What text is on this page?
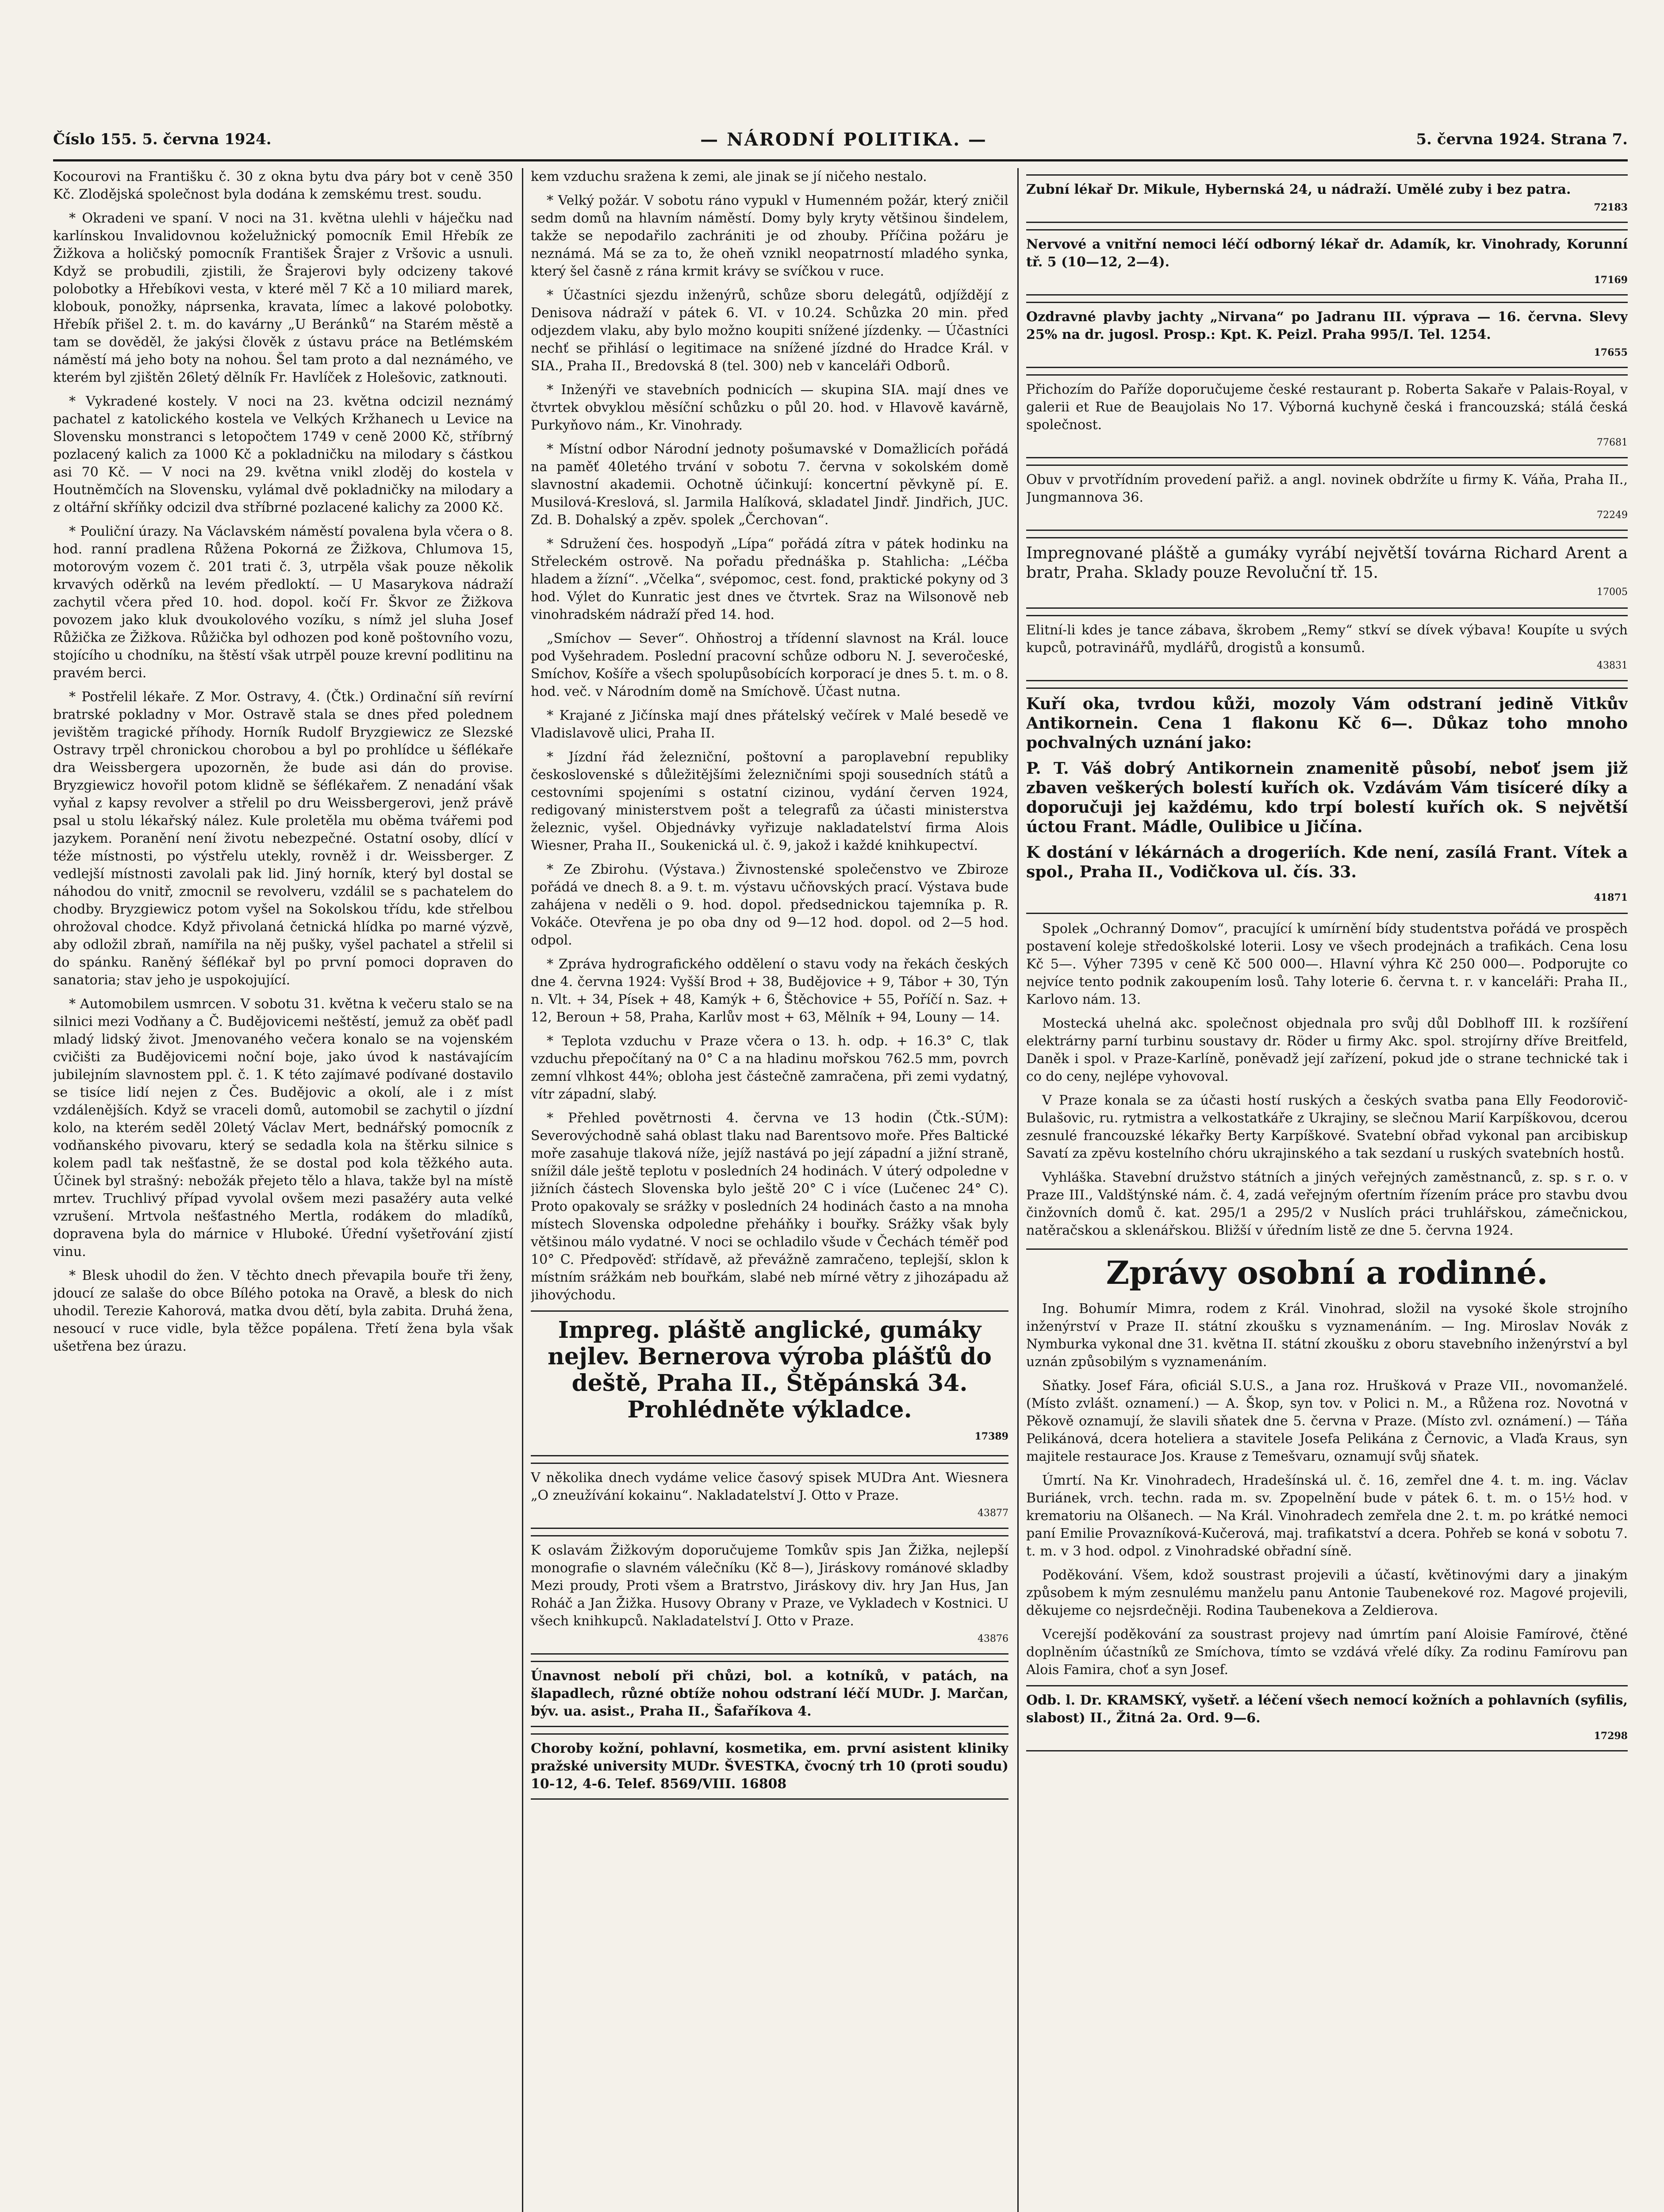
Číslo 155. 5. června 1924.	— NÁRODNÍ POLITIKA. —	5. června 1924. Strana 7.

Kocourovi na Františku č. 30 z okna bytu dva páry bot v ceně 350 Kč. Zlodějská společnost byla dodána k zemskému trest. soudu.

* Okradeni ve spaní. V noci na 31. května ulehli v háječku nad karlínskou Invalidovnou koželužnický pomocník Emil Hřebík ze Žižkova a holičský pomocník František Šrajer z Vršovic a usnuli. Když se probudili, zjistili, že Šrajerovi byly odcizeny takové polobotky a Hřebíkovi vesta, v které měl 7 Kč a 10 miliard marek, klobouk, ponožky, náprsenka, kravata, límec a lakové polobotky. Hřebík přišel 2. t. m. do kavárny „U Beránků“ na Starém městě a tam se dověděl, že jakýsi člověk z ústavu práce na Betlémském náměstí má jeho boty na nohou. Šel tam proto a dal neznámého, ve kterém byl zjištěn 26letý dělník Fr. Havlíček z Holešovic, zatknouti.

* Vykradené kostely. V noci na 23. května odcizil neznámý pachatel z katolického kostela ve Velkých Kržhanech u Levice na Slovensku monstranci s letopočtem 1749 v ceně 2000 Kč, stříbrný pozlacený kalich za 1000 Kč a pokladničku na milodary s částkou asi 70 Kč. — V noci na 29. května vnikl zloděj do kostela v Houtněmčích na Slovensku, vylámal dvě pokladničky na milodary a z oltářní skříňky odcizil dva stříbrné pozlacené kalichy za 2000 Kč.

* Pouliční úrazy. Na Václavském náměstí povalena byla včera o 8. hod. ranní pradlena Růžena Pokorná ze Žižkova, Chlumova 15, motorovým vozem č. 201 trati č. 3, utrpěla však pouze několik krvavých oděrků na levém předloktí. — U Masarykova nádraží zachytil včera před 10. hod. dopol. kočí Fr. Škvor ze Žižkova povozem jako kluk dvoukolového vozíku, s nímž jel sluha Josef Růžička ze Žižkova. Růžička byl odhozen pod koně poštovního vozu, stojícího u chodníku, na štěstí však utrpěl pouze krevní podlitinu na pravém berci.

* Postřelil lékaře. Z Mor. Ostravy, 4. (Čtk.) Ordinační síň revírní bratrské pokladny v Mor. Ostravě stala se dnes před polednem jevištěm tragické příhody. Horník Rudolf Bryzgiewicz ze Slezské Ostravy trpěl chronickou chorobou a byl po prohlídce u šéflékaře dra Weissbergera upozorněn, že bude asi dán do provise. Bryzgiewicz hovořil potom klidně se šéflékařem. Z nenadání však vyňal z kapsy revolver a střelil po dru Weissbergerovi, jenž právě psal u stolu lékařský nález. Kule proletěla mu oběma tvářemi pod jazykem. Poranění není životu nebezpečné. Ostatní osoby, dlící v téže místnosti, po výstřelu utekly, rovněž i dr. Weissberger. Z vedlejší místnosti zavolali pak lid. Jiný horník, který byl dostal se náhodou do vnitř, zmocnil se revolveru, vzdálil se s pachatelem do chodby. Bryzgiewicz potom vyšel na Sokolskou třídu, kde střelbou ohrožoval chodce. Když přivolaná četnická hlídka po marné výzvě, aby odložil zbraň, namířila na něj pušky, vyšel pachatel a střelil si do spánku. Raněný šéflékař byl po první pomoci dopraven do sanatoria; stav jeho je uspokojující.

* Automobilem usmrcen. V sobotu 31. května k večeru stalo se na silnici mezi Vodňany a Č. Budějovicemi neštěstí, jemuž za oběť padl mladý lidský život. Jmenovaného večera konalo se na vojenském cvičišti za Budějovicemi noční boje, jako úvod k nastávajícím jubilejním slavnostem ppl. č. 1. K této zajímavé podívané dostavilo se tisíce lidí nejen z Čes. Budějovic a okolí, ale i z míst vzdálenějších. Když se vraceli domů, automobil se zachytil o jízdní kolo, na kterém seděl 20letý Václav Mert, bednářský pomocník z vodňanského pivovaru, který se sedadla kola na štěrku silnice s kolem padl tak nešťastně, že se dostal pod kola těžkého auta. Účinek byl strašný: nebožák přejeto tělo a hlava, takže byl na místě mrtev. Truchlivý případ vyvolal ovšem mezi pasažéry auta velké vzrušení. Mrtvola nešťastného Mertla, rodákem do mladíků, dopravena byla do márnice v Hluboké. Úřední vyšetřování zjistí vinu.

* Blesk uhodil do žen. V těchto dnech převapila bouře tři ženy, jdoucí ze salaše do obce Bílého potoka na Oravě, a blesk do nich uhodil. Terezie Kahorová, matka dvou dětí, byla zabita. Druhá žena, nesoucí v ruce vidle, byla těžce popálena. Třetí žena byla však ušetřena bez úrazu.

kem vzduchu sražena k zemi, ale jinak se jí ničeho nestalo.

* Velký požár. V sobotu ráno vypukl v Humenném požár, který zničil sedm domů na hlavním náměstí. Domy byly kryty většinou šindelem, takže se nepodařilo zachrániti je od zhouby. Příčina požáru je neznámá. Má se za to, že oheň vznikl neopatrností mladého synka, který šel časně z rána krmit krávy se svíčkou v ruce.

* Účastníci sjezdu inženýrů, schůze sboru delegátů, odjíždějí z Denisova nádraží v pátek 6. VI. v 10.24. Schůzka 20 min. před odjezdem vlaku, aby bylo možno koupiti snížené jízdenky. — Účastníci nechť se přihlásí o legitimace na snížené jízdné do Hradce Král. v SIA., Praha II., Bredovská 8 (tel. 300) neb v kanceláři Odborů.

* Inženýři ve stavebních podnicích — skupina SIA. mají dnes ve čtvrtek obvyklou měsíční schůzku o půl 20. hod. v Hlavově kavárně, Purkyňovo nám., Kr. Vinohrady.

* Místní odbor Národní jednoty pošumavské v Domažlicích pořádá na paměť 40letého trvání v sobotu 7. června v sokolském domě slavnostní akademii. Ochotně účinkují: koncertní pěvkyně pí. E. Musilová-Kreslová, sl. Jarmila Halíková, skladatel Jindř. Jindřich, JUC. Zd. B. Dohalský a zpěv. spolek „Čerchovan“.

* Sdružení čes. hospodyň „Lípa“ pořádá zítra v pátek hodinku na Střeleckém ostrově. Na pořadu přednáška p. Stahlicha: „Léčba hladem a žízní“. „Včelka“, svépomoc, cest. fond, praktické pokyny od 3 hod. Výlet do Kunratic jest dnes ve čtvrtek. Sraz na Wilsonově neb vinohradském nádraží před 14. hod.

„Smíchov — Sever“. Ohňostroj a třídenní slavnost na Král. louce pod Vyšehradem. Poslední pracovní schůze odboru N. J. severočeské, Smíchov, Košíře a všech spolupůsobících korporací je dnes 5. t. m. o 8. hod. več. v Národním domě na Smíchově. Účast nutna.

* Krajané z Jičínska mají dnes přátelský večírek v Malé besedě ve Vladislavově ulici, Praha II.

* Jízdní řád železniční, poštovní a paroplavební republiky československé s důležitějšími železničními spoji sousedních států a cestovními spojeními s ostatní cizinou, vydání červen 1924, redigovaný ministerstvem pošt a telegrafů za účasti ministerstva železnic, vyšel. Objednávky vyřizuje nakladatelství firma Alois Wiesner, Praha II., Soukenická ul. č. 9, jakož i každé knihkupectví.

* Ze Zbirohu. (Výstava.) Živnostenské společenstvo ve Zbiroze pořádá ve dnech 8. a 9. t. m. výstavu učňovských prací. Výstava bude zahájena v neděli o 9. hod. dopol. předsednickou tajemníka p. R. Vokáče. Otevřena je po oba dny od 9—12 hod. dopol. od 2—5 hod. odpol.

* Zpráva hydrografického oddělení o stavu vody na řekách českých dne 4. června 1924: Vyšší Brod + 38, Budějovice + 9, Tábor + 30, Týn n. Vlt. + 34, Písek + 48, Kamýk + 6, Štěchovice + 55, Poříčí n. Saz. + 12, Beroun + 58, Praha, Karlův most + 63, Mělník + 94, Louny — 14.

* Teplota vzduchu v Praze včera o 13. h. odp. + 16.3° C, tlak vzduchu přepočítaný na 0° C a na hladinu mořskou 762.5 mm, povrch zemní vlhkost 44%; obloha jest částečně zamračena, při zemi vydatný, vítr západní, slabý.

* Přehled povětrnosti 4. června ve 13 hodin (Čtk.-SÚM): Severovýchodně sahá oblast tlaku nad Barentsovo moře. Přes Baltické moře zasahuje tlaková níže, jejíž nastává po její západní a jižní straně, snížil dále ještě teplotu v posledních 24 hodinách. V úterý odpoledne v jižních částech Slovenska bylo ještě 20° C i více (Lučenec 24° C). Proto opakovaly se srážky v posledních 24 hodinách často a na mnoha místech Slovenska odpoledne přeháňky i bouřky. Srážky však byly většinou málo vydatné. V noci se ochladilo všude v Čechách téměř pod 10° C. Předpověď: střídavě, až převážně zamračeno, teplejší, sklon k místním srážkám neb bouřkám, slabé neb mírné větry z jihozápadu až jihovýchodu.

Impreg. pláště anglické, gumáky nejlev. Bernerova výroba plášťů do deště, Praha II., Štěpánská 34. Prohlédněte výkladce.
17389
V několika dnech vydáme velice časový spisek MUDra Ant. Wiesnera „O zneužívání kokainu“. Nakladatelství J. Otto v Praze.
43877
K oslavám Žižkovým doporučujeme Tomkův spis Jan Žižka, nejlepší monografie o slavném válečníku (Kč 8—), Jiráskovy románové skladby Mezi proudy, Proti všem a Bratrstvo, Jiráskovy div. hry Jan Hus, Jan Roháč a Jan Žižka. Husovy Obrany v Praze, ve Vykladech v Kostnici. U všech knihkupců. Nakladatelství J. Otto v Praze.
43876
Únavnost nebolí při chůzi, bol. a kotníků, v patách, na šlapadlech, různé obtíže nohou odstraní léčí MUDr. J. Marčan, býv. ua. asist., Praha II., Šafaříkova 4.
Choroby kožní, pohlavní, kosmetika, em. první asistent kliniky pražské university MUDr. ŠVESTKA, čvocný trh 10 (proti soudu) 10-12, 4-6. Telef. 8569/VIII. 16808
Zubní lékař Dr. Mikule, Hybernská 24, u nádraží. Umělé zuby i bez patra.
72183
Nervové a vnitřní nemoci léčí odborný lékař dr. Adamík, kr. Vinohrady, Korunní tř. 5 (10—12, 2—4).
17169
Ozdravné plavby jachty „Nirvana“ po Jadranu III. výprava — 16. června. Slevy 25% na dr. jugosl. Prosp.: Kpt. K. Peizl. Praha 995/I. Tel. 1254.
17655
Přichozím do Paříže doporučujeme české restaurant p. Roberta Sakaře v Palais-Royal, v galerii et Rue de Beaujolais No 17. Výborná kuchyně česká i francouzská; stálá česká společnost.
77681
Obuv v prvotřídním provedení pařiž. a angl. novinek obdržíte u firmy K. Váňa, Praha II., Jungmannova 36.
72249
Impregnované pláště a gumáky vyrábí největší továrna Richard Arent a bratr, Praha. Sklady pouze Revoluční tř. 15.
17005
Elitní-li kdes je tance zábava, škrobem „Remy“ stkví se dívek výbava! Koupíte u svých kupců, potravinářů, mydlářů, drogistů a konsumů.
43831

Kuří oka, tvrdou kůži, mozoly Vám odstraní jedině Vitkův Antikornein. Cena 1 flakonu Kč 6—. Důkaz toho mnoho pochvalných uznání jako:

P. T. Váš dobrý Antikornein znamenitě působí, neboť jsem již zbaven veškerých bolestí kuřích ok. Vzdávám Vám tisíceré díky a doporučuji jej každému, kdo trpí bolestí kuřích ok. S největší úctou Frant. Mádle, Oulibice u Jičína.

K dostání v lékárnách a drogeriích. Kde není, zasílá Frant. Vítek a spol., Praha II., Vodičkova ul. čís. 33.

41871

Spolek „Ochranný Domov“, pracující k umírnění bídy studentstva pořádá ve prospěch postavení koleje středoškolské loterii. Losy ve všech prodejnách a trafikách. Cena losu Kč 5—. Výher 7395 v ceně Kč 500 000—. Hlavní výhra Kč 250 000—. Podporujte co nejvíce tento podnik zakoupením losů. Tahy loterie 6. června t. r. v kanceláři: Praha II., Karlovo nám. 13.

Mostecká uhelná akc. společnost objednala pro svůj důl Doblhoff III. k rozšíření elektrárny parní turbinu soustavy dr. Röder u firmy Akc. spol. strojírny dříve Breitfeld, Daněk i spol. v Praze-Karlíně, poněvadž její zařízení, pokud jde o strane technické tak i co do ceny, nejlépe vyhovoval.

V Praze konala se za účasti hostí ruských a českých svatba pana Elly Feodorovič-Bulašovic, ru. rytmistra a velkostatkáře z Ukrajiny, se slečnou Marií Karpíškovou, dcerou zesnulé francouzské lékařky Berty Karpíškové. Svatební obřad vykonal pan arcibiskup Savatí za zpěvu kostelního chóru ukrajinského a tak sezdaní u ruských svatebních hostů.

Vyhláška. Stavební družstvo státních a jiných veřejných zaměstnanců, z. sp. s r. o. v Praze III., Valdštýnské nám. č. 4, zadá veřejným ofertním řízením práce pro stavbu dvou činžovních domů č. kat. 295/1 a 295/2 v Nuslích práci truhlářskou, zámečnickou, natěračskou a sklenářskou. Bližší v úředním listě ze dne 5. června 1924.

Zprávy osobní a rodinné.

Ing. Bohumír Mimra, rodem z Král. Vinohrad, složil na vysoké škole strojního inženýrství v Praze II. státní zkoušku s vyznamenáním. — Ing. Miroslav Novák z Nymburka vykonal dne 31. května II. státní zkoušku z oboru stavebního inženýrství a byl uznán způsobilým s vyznamenáním.

Sňatky. Josef Fára, oficiál S.U.S., a Jana roz. Hrušková v Praze VII., novomanželé. (Místo zvlášt. oznamení.) — A. Škop, syn tov. v Polici n. M., a Růžena roz. Novotná v Pěkově oznamují, že slavili sňatek dne 5. června v Praze. (Místo zvl. oznámení.) — Táňa Pelikánová, dcera hoteliera a stavitele Josefa Pelikána z Černovic, a Vlaďa Kraus, syn majitele restaurace Jos. Krause z Temešvaru, oznamují svůj sňatek.

Úmrtí. Na Kr. Vinohradech, Hradešínská ul. č. 16, zemřel dne 4. t. m. ing. Václav Buriánek, vrch. techn. rada m. sv. Zpopelnění bude v pátek 6. t. m. o 15½ hod. v krematoriu na Olšanech. — Na Král. Vinohradech zemřela dne 2. t. m. po krátké nemoci paní Emilie Provazníková-Kučerová, maj. trafikatství a dcera. Pohřeb se koná v sobotu 7. t. m. v 3 hod. odpol. z Vinohradské obřadní síně.

Poděkování. Všem, kdož soustrast projevili a účastí, květinovými dary a jinakým způsobem k mým zesnulému manželu panu Antonie Taubenekové roz. Magové projevili, děkujeme co nejsrdečněji. Rodina Taubenekova a Zeldierova.

Vcerejší poděkování za soustrast projevy nad úmrtím paní Aloisie Famírové, čtěné doplněním účastníků ze Smíchova, tímto se vzdává vřelé díky. Za rodinu Famírovu pan Alois Famira, choť a syn Josef.

Odb. l. Dr. KRAMSKÝ, vyšetř. a léčení všech nemocí kožních a pohlavních (syfilis, slabost) II., Žitná 2a. Ord. 9—6.
17298
